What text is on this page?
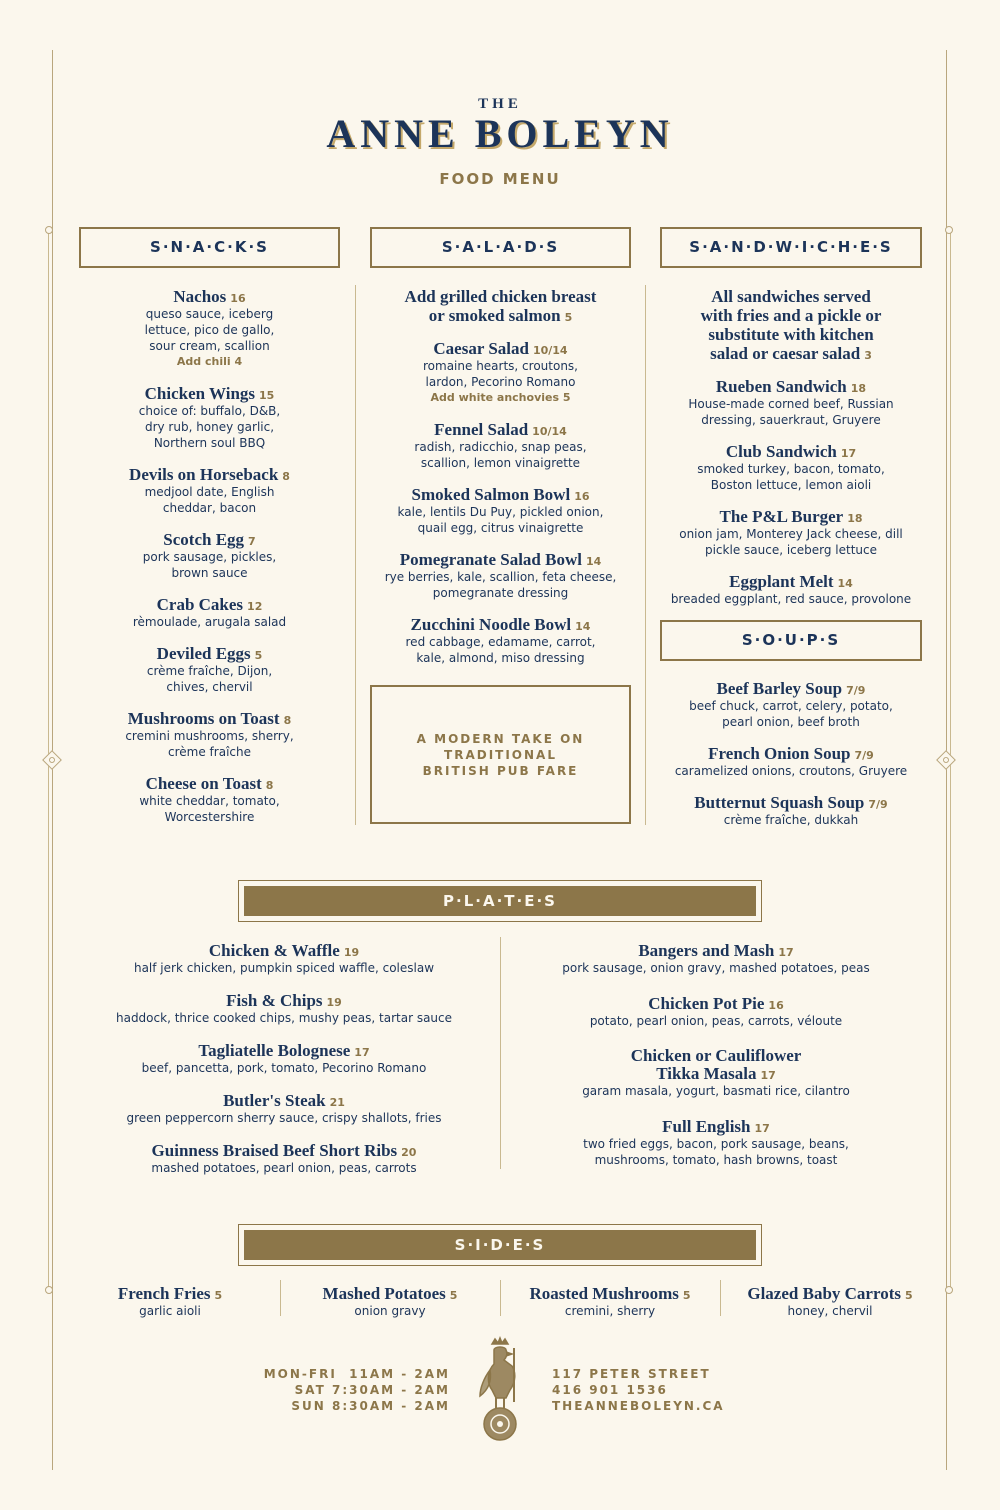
THE
ANNE BOLEYN
FOOD MENU
S·N·A·C·K·S	S·A·L·A·D·S	S·A·N·D·W·I·C·H·E·S
S·O·U·P·S
Nachos 16
queso sauce, iceberg lettuce, pico de gallo, sour cream, scallion
Add chili 4
Chicken Wings 15
choice of: buffalo, D&B, dry rub, honey garlic, Northern soul BBQ
Devils on Horseback 8
medjool date, English cheddar, bacon
Scotch Egg 7
pork sausage, pickles, brown sauce
Crab Cakes 12
rèmoulade, arugala salad
Deviled Eggs 5
crème fraîche, Dijon, chives, chervil
Mushrooms on Toast 8
cremini mushrooms, sherry, crème fraîche
Cheese on Toast 8
white cheddar, tomato, Worcestershire
Add grilled chicken breast or smoked salmon 5
Caesar Salad 10/14
romaine hearts, croutons, lardon, Pecorino Romano
Add white anchovies 5
Fennel Salad 10/14
radish, radicchio, snap peas, scallion, lemon vinaigrette
Smoked Salmon Bowl 16
kale, lentils Du Puy, pickled onion, quail egg, citrus vinaigrette
Pomegranate Salad Bowl 14
rye berries, kale, scallion, feta cheese, pomegranate dressing
Zucchini Noodle Bowl 14
red cabbage, edamame, carrot, kale, almond, miso dressing
A MODERN TAKE ON TRADITIONAL BRITISH PUB FARE
All sandwiches served with fries and a pickle or substitute with kitchen salad or caesar salad 3
Rueben Sandwich 18
House-made corned beef, Russian dressing, sauerkraut, Gruyere
Club Sandwich 17
smoked turkey, bacon, tomato, Boston lettuce, lemon aioli
The P&L Burger 18
onion jam, Monterey Jack cheese, dill pickle sauce, iceberg lettuce
Eggplant Melt 14
breaded eggplant, red sauce, provolone
Beef Barley Soup 7/9
beef chuck, carrot, celery, potato, pearl onion, beef broth
French Onion Soup 7/9
caramelized onions, croutons, Gruyere
Butternut Squash Soup 7/9
crème fraîche, dukkah
P·L·A·T·E·S
Chicken & Waffle 19
half jerk chicken, pumpkin spiced waffle, coleslaw
Fish & Chips 19
haddock, thrice cooked chips, mushy peas, tartar sauce
Tagliatelle Bolognese 17
beef, pancetta, pork, tomato, Pecorino Romano
Butler's Steak 21
green peppercorn sherry sauce, crispy shallots, fries
Guinness Braised Beef Short Ribs 20
mashed potatoes, pearl onion, peas, carrots
Bangers and Mash 17
pork sausage, onion gravy, mashed potatoes, peas
Chicken Pot Pie 16
potato, pearl onion, peas, carrots, véloute
Chicken or Cauliflower
Tikka Masala 17
garam masala, yogurt, basmati rice, cilantro
Full English 17
two fried eggs, bacon, pork sausage, beans, mushrooms, tomato, hash browns, toast
S·I·D·E·S
French Fries 5
garlic aioli
Mashed Potatoes 5
onion gravy
Roasted Mushrooms 5
cremini, sherry
Glazed Baby Carrots 5
honey, chervil
MON-FRI  11AM - 2AM
SAT 7:30AM - 2AM
SUN 8:30AM - 2AM
117 PETER STREET
416 901 1536
THEANNEBOLEYN.CA
